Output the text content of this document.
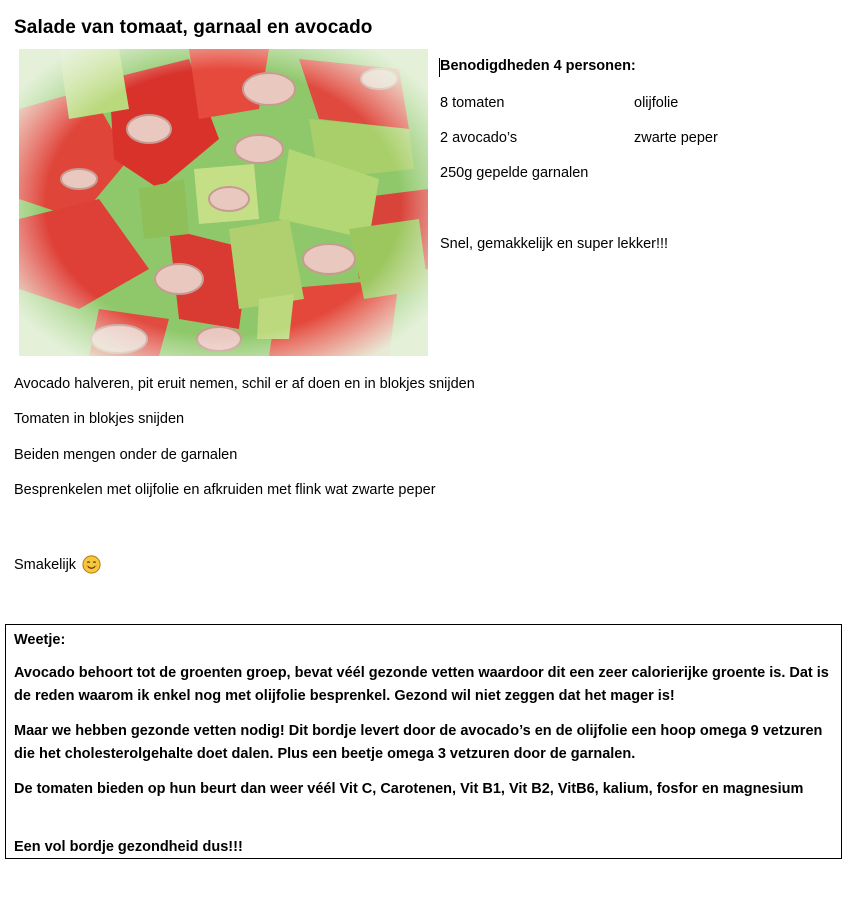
Salade van tomaat, garnaal en avocado
Benodigdheden 4 personen:
8 tomaten	olijfolie
2 avocado’s	zwarte peper
250g gepelde garnalen
Snel, gemakkelijk en super lekker!!!
Avocado halveren, pit eruit nemen, schil er af doen en in blokjes snijden
Tomaten in blokjes snijden
Beiden mengen onder de garnalen
Besprenkelen met olijfolie en afkruiden met flink wat zwarte peper
Smakelijk
Weetje:
Avocado behoort tot de groenten groep, bevat véél gezonde vetten waardoor dit een zeer calorierijke groente is. Dat is de reden waarom ik enkel nog met olijfolie besprenkel. Gezond wil niet zeggen dat het mager is!
Maar we hebben gezonde vetten nodig! Dit bordje levert door de avocado’s en de olijfolie een hoop omega 9 vetzuren die het cholesterolgehalte doet dalen. Plus een beetje omega 3 vetzuren door de garnalen.
De tomaten bieden op hun beurt dan weer véél Vit C, Carotenen, Vit B1, Vit B2, VitB6, kalium, fosfor en magnesium
Een vol bordje gezondheid dus!!!
